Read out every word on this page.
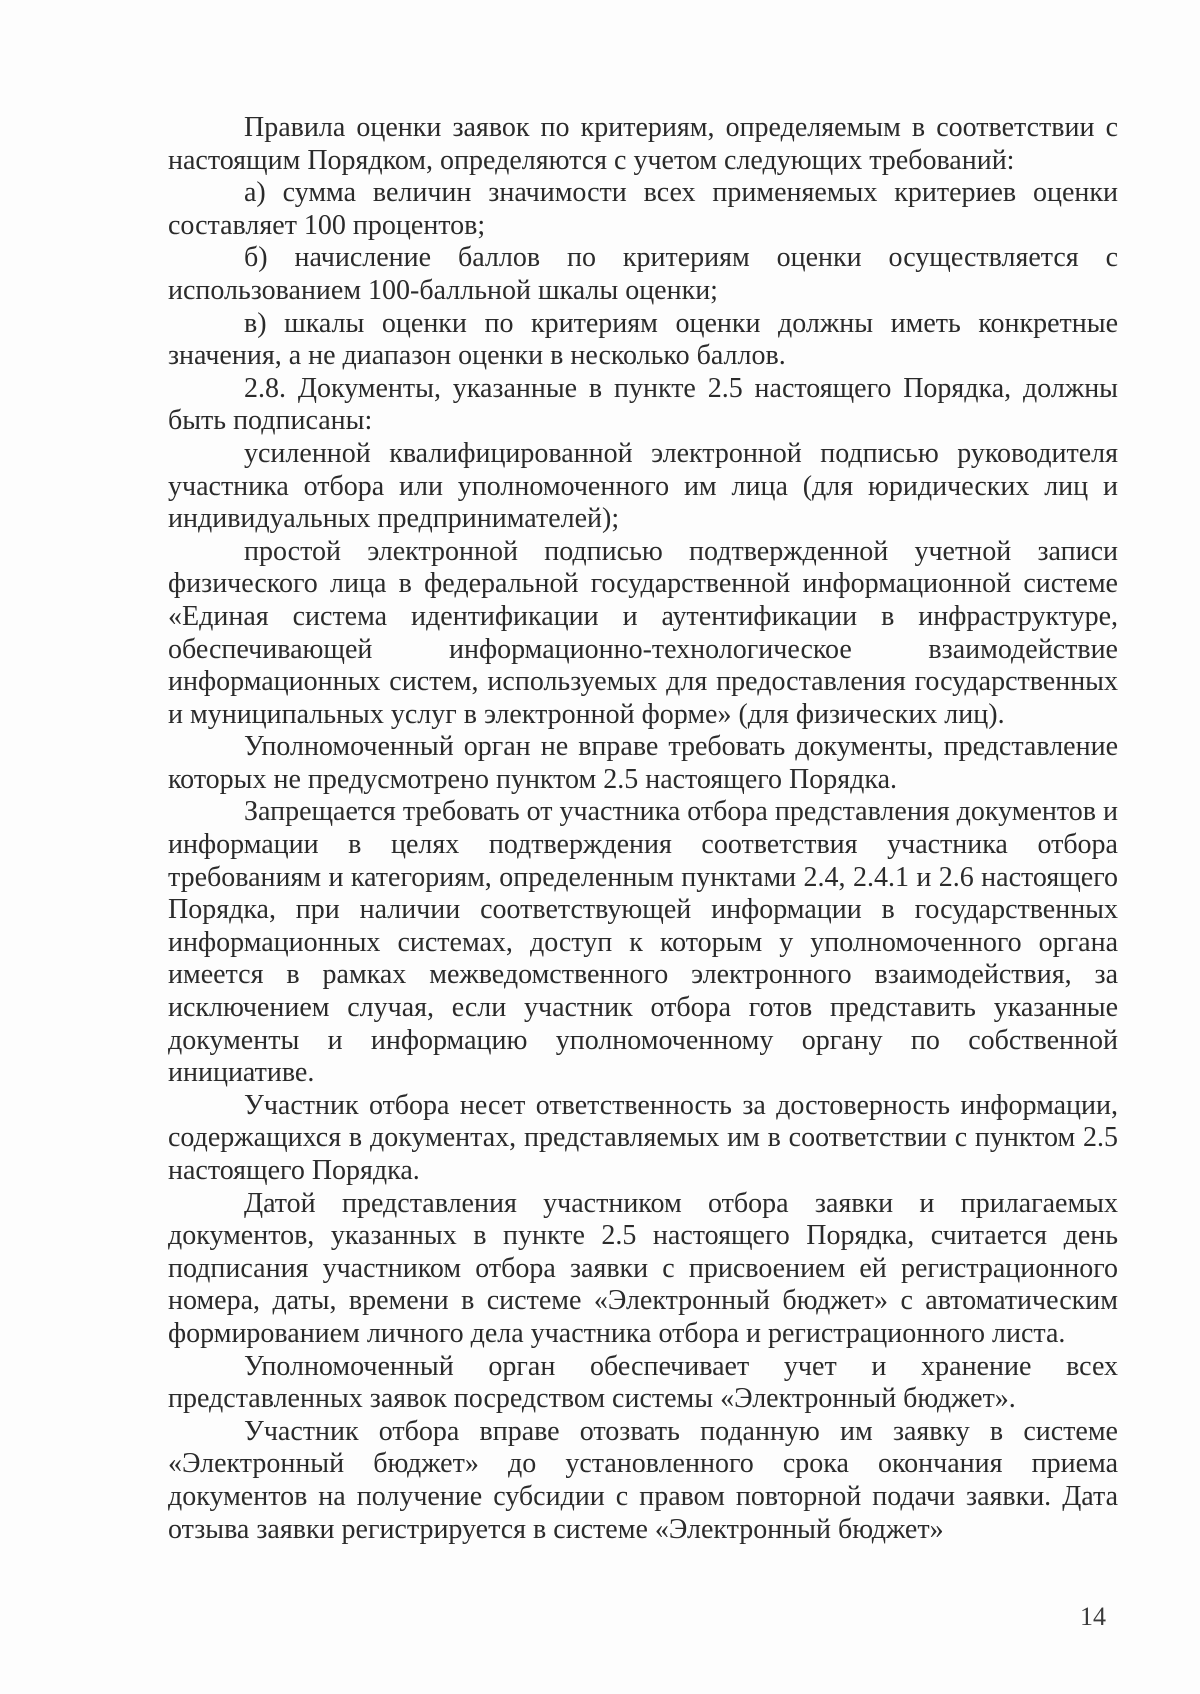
Правила оценки заявок по критериям, определяемым в соответствии с настоящим Порядком, определяются с учетом следующих требований:

а) сумма величин значимости всех применяемых критериев оценки составляет 100 процентов;

б) начисление баллов по критериям оценки осуществляется с использованием 100-балльной шкалы оценки;

в) шкалы оценки по критериям оценки должны иметь конкретные значения, а не диапазон оценки в несколько баллов.

2.8. Документы, указанные в пункте 2.5 настоящего Порядка, должны быть подписаны:

усиленной квалифицированной электронной подписью руководителя участника отбора или уполномоченного им лица (для юридических лиц и индивидуальных предпринимателей);

простой электронной подписью подтвержденной учетной записи физического лица в федеральной государственной информационной системе «Единая система идентификации и аутентификации в инфраструктуре, обеспечивающей информационно-технологическое взаимодействие информационных систем, используемых для предоставления государственных и муниципальных услуг в электронной форме» (для физических лиц).

Уполномоченный орган не вправе требовать документы, представление которых не предусмотрено пунктом 2.5 настоящего Порядка.

Запрещается требовать от участника отбора представления документов и информации в целях подтверждения соответствия участника отбора требованиям и категориям, определенным пунктами 2.4, 2.4.1 и 2.6 настоящего Порядка, при наличии соответствующей информации в государственных информационных системах, доступ к которым у уполномоченного органа имеется в рамках межведомственного электронного взаимодействия, за исключением случая, если участник отбора готов представить указанные документы и информацию уполномоченному органу по собственной инициативе.

Участник отбора несет ответственность за достоверность информации, содержащихся в документах, представляемых им в соответствии с пунктом 2.5 настоящего Порядка.

Датой представления участником отбора заявки и прилагаемых документов, указанных в пункте 2.5 настоящего Порядка, считается день подписания участником отбора заявки с присвоением ей регистрационного номера, даты, времени в системе «Электронный бюджет» с автоматическим формированием личного дела участника отбора и регистрационного листа.

Уполномоченный орган обеспечивает учет и хранение всех представленных заявок посредством системы «Электронный бюджет».

Участник отбора вправе отозвать поданную им заявку в системе «Электронный бюджет» до установленного срока окончания приема документов на получение субсидии с правом повторной подачи заявки. Дата отзыва заявки регистрируется в системе «Электронный бюджет»

14
